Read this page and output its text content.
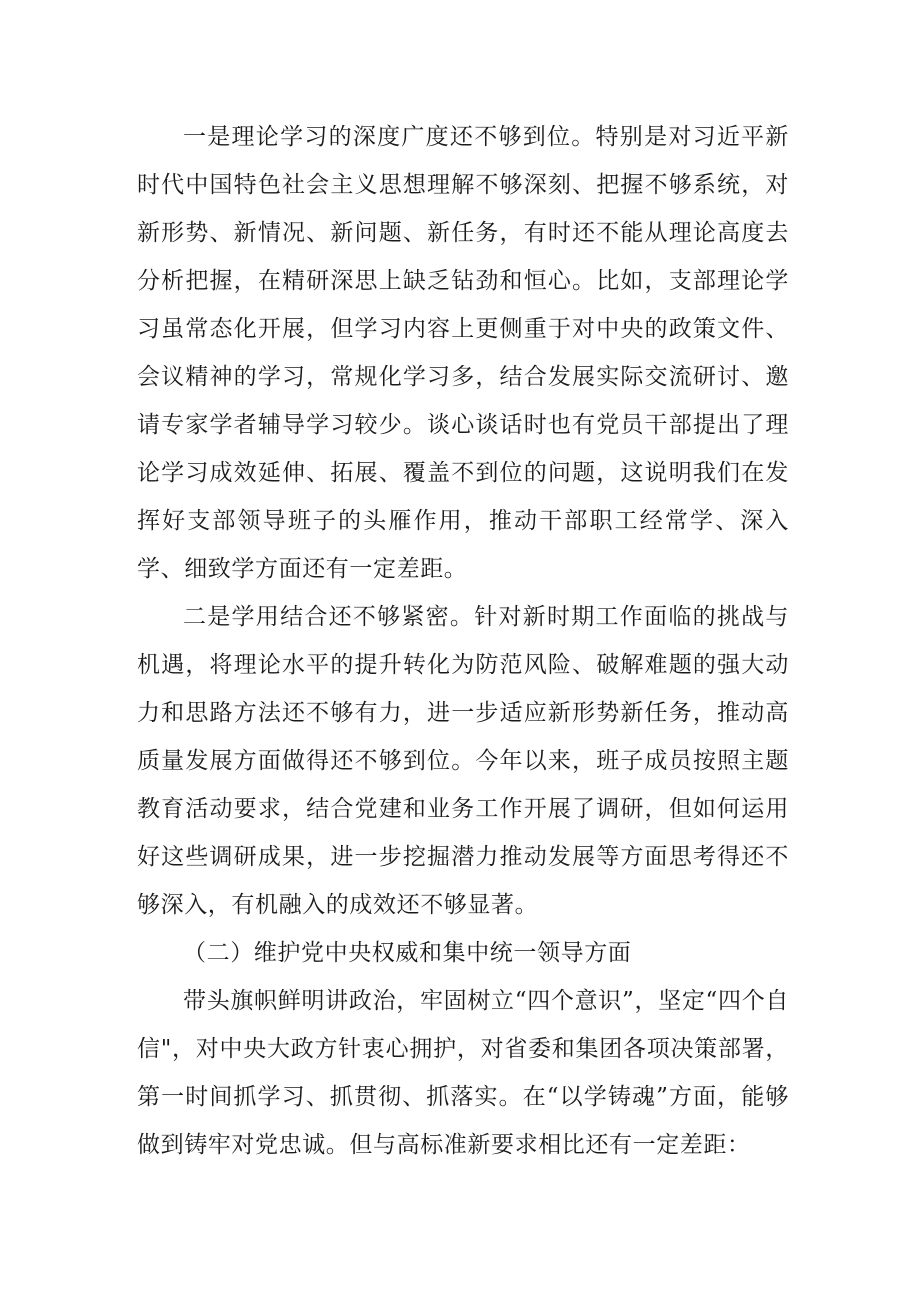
一是理论学习的深度广度还不够到位。特别是对习近平新时代中国特色社会主义思想理解不够深刻、把握不够系统，对新形势、新情况、新问题、新任务，有时还不能从理论高度去分析把握，在精研深思上缺乏钻劲和恒心。比如，支部理论学习虽常态化开展，但学习内容上更侧重于对中央的政策文件、会议精神的学习，常规化学习多，结合发展实际交流研讨、邀请专家学者辅导学习较少。谈心谈话时也有党员干部提出了理论学习成效延伸、拓展、覆盖不到位的问题，这说明我们在发挥好支部领导班子的头雁作用，推动干部职工经常学、深入学、细致学方面还有一定差距。

二是学用结合还不够紧密。针对新时期工作面临的挑战与机遇，将理论水平的提升转化为防范风险、破解难题的强大动力和思路方法还不够有力，进一步适应新形势新任务，推动高质量发展方面做得还不够到位。今年以来，班子成员按照主题教育活动要求，结合党建和业务工作开展了调研，但如何运用好这些调研成果，进一步挖掘潜力推动发展等方面思考得还不够深入，有机融入的成效还不够显著。

（二）维护党中央权威和集中统一领导方面

带头旗帜鲜明讲政治，牢固树立“四个意识”，坚定“四个自信"，对中央大政方针衷心拥护，对省委和集团各项决策部署，第一时间抓学习、抓贯彻、抓落实。在“以学铸魂”方面，能够做到铸牢对党忠诚。但与高标准新要求相比还有一定差距：
